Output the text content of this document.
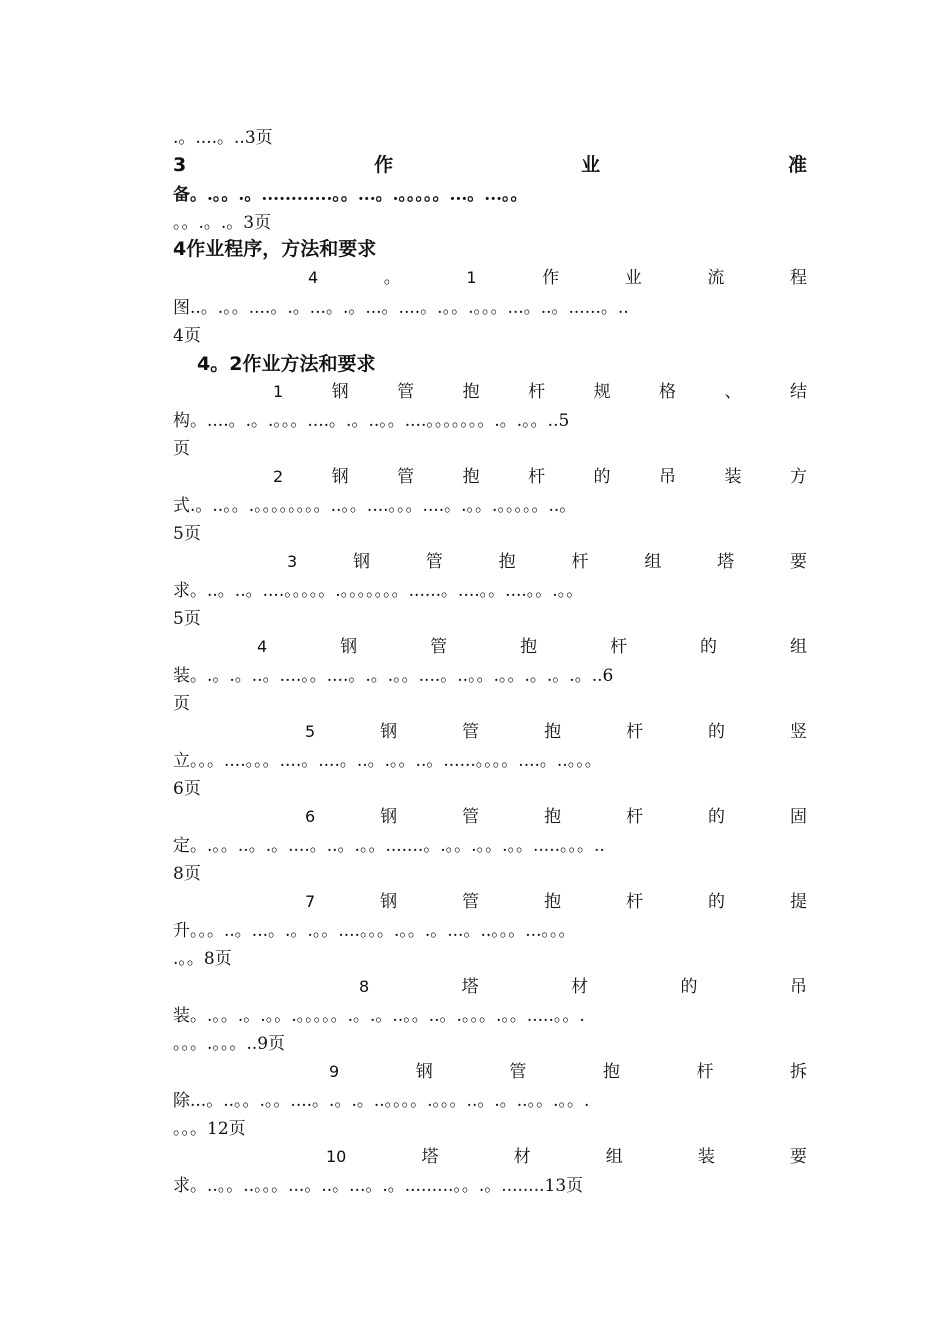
.。....。..3页
3	作	业	准
备。.。。.。............。。...。.。。。。。...。...。。
。。.。.。3页
4作业程序，方法和要求
4	。	1	作	业	流	程
图..。.。。....。.。...。.。...。....。.。。.。。。...。..。......。..
4页
4。2作业方法和要求
1	钢	管	抱	杆	规	格	、	结
构。....。.。.。。。....。.。..。。....。。。。。。。.。.。。..5
页
2	钢	管	抱	杆	的	吊	装	方
式.。..。。.。。。。。。。。..。。....。。。....。.。。.。。。。。..。
5页
3	钢	管	抱	杆	组	塔	要
求。..。..。....。。。。。.。。。。。。。......。....。。....。。.。。
5页
4	钢	管	抱	杆	的	组
装。.。.。..。....。。....。.。.。。....。..。。.。。.。.。.。..6
页
5	钢	管	抱	杆	的	竖
立。。。....。。。....。....。..。.。。..。......。。。。....。..。。。
6页
6	钢	管	抱	杆	的	固
定。.。。..。.。....。..。.。。.......。.。。.。。.。。.....。。。..
8页
7	钢	管	抱	杆	的	提
升。。。..。...。.。.。。....。。。.。。.。...。..。。。...。。。
.。。8页
8	塔	材	的	吊
装。.。。.。.。。.。。。。。.。.。..。。..。.。。。.。。.....。。.
。。。.。。。..9页
9	钢	管	抱	杆	拆
除...。..。。.。。....。.。.。..。。。。.。。。..。.。..。。.。。.
。。。12页
10	塔	材	组	装	要
求。..。。..。。。...。..。...。.。.........。。.。........13页
